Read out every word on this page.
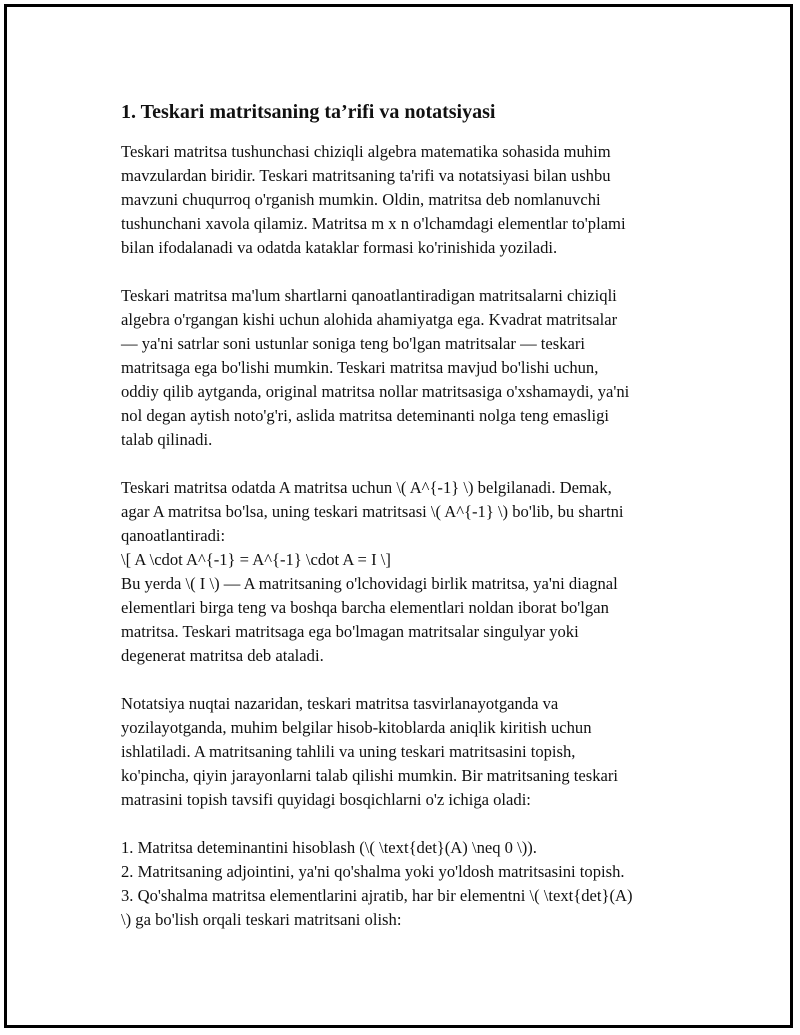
1. Teskari matritsaning ta’rifi va notatsiyasi

Teskari matritsa tushunchasi chiziqli algebra matematika sohasida muhim
mavzulardan biridir. Teskari matritsaning ta'rifi va notatsiyasi bilan ushbu
mavzuni chuqurroq o'rganish mumkin. Oldin, matritsa deb nomlanuvchi
tushunchani xavola qilamiz. Matritsa m x n o'lchamdagi elementlar to'plami
bilan ifodalanadi va odatda kataklar formasi ko'rinishida yoziladi.

Teskari matritsa ma'lum shartlarni qanoatlantiradigan matritsalarni chiziqli
algebra o'rgangan kishi uchun alohida ahamiyatga ega. Kvadrat matritsalar
— ya'ni satrlar soni ustunlar soniga teng bo'lgan matritsalar — teskari
matritsaga ega bo'lishi mumkin. Teskari matritsa mavjud bo'lishi uchun,
oddiy qilib aytganda, original matritsa nollar matritsasiga o'xshamaydi, ya'ni
nol degan aytish noto'g'ri, aslida matritsa deteminanti nolga teng emasligi
talab qilinadi.

Teskari matritsa odatda A matritsa uchun \( A^{-1} \) belgilanadi. Demak,
agar A matritsa bo'lsa, uning teskari matritsasi \( A^{-1} \) bo'lib, bu shartni
qanoatlantiradi:
\[ A \cdot A^{-1} = A^{-1} \cdot A = I \]
Bu yerda \( I \) — A matritsaning o'lchovidagi birlik matritsa, ya'ni diagnal
elementlari birga teng va boshqa barcha elementlari noldan iborat bo'lgan
matritsa. Teskari matritsaga ega bo'lmagan matritsalar singulyar yoki
degenerat matritsa deb ataladi.

Notatsiya nuqtai nazaridan, teskari matritsa tasvirlanayotganda va
yozilayotganda, muhim belgilar hisob-kitoblarda aniqlik kiritish uchun
ishlatiladi. A matritsaning tahlili va uning teskari matritsasini topish,
ko'pincha, qiyin jarayonlarni talab qilishi mumkin. Bir matritsaning teskari
matrasini topish tavsifi quyidagi bosqichlarni o'z ichiga oladi:

1. Matritsa deteminantini hisoblash (\( \text{det}(A) \neq 0 \)).
2. Matritsaning adjointini, ya'ni qo'shalma yoki yo'ldosh matritsasini topish.
3. Qo'shalma matritsa elementlarini ajratib, har bir elementni \( \text{det}(A)
\) ga bo'lish orqali teskari matritsani olish:
